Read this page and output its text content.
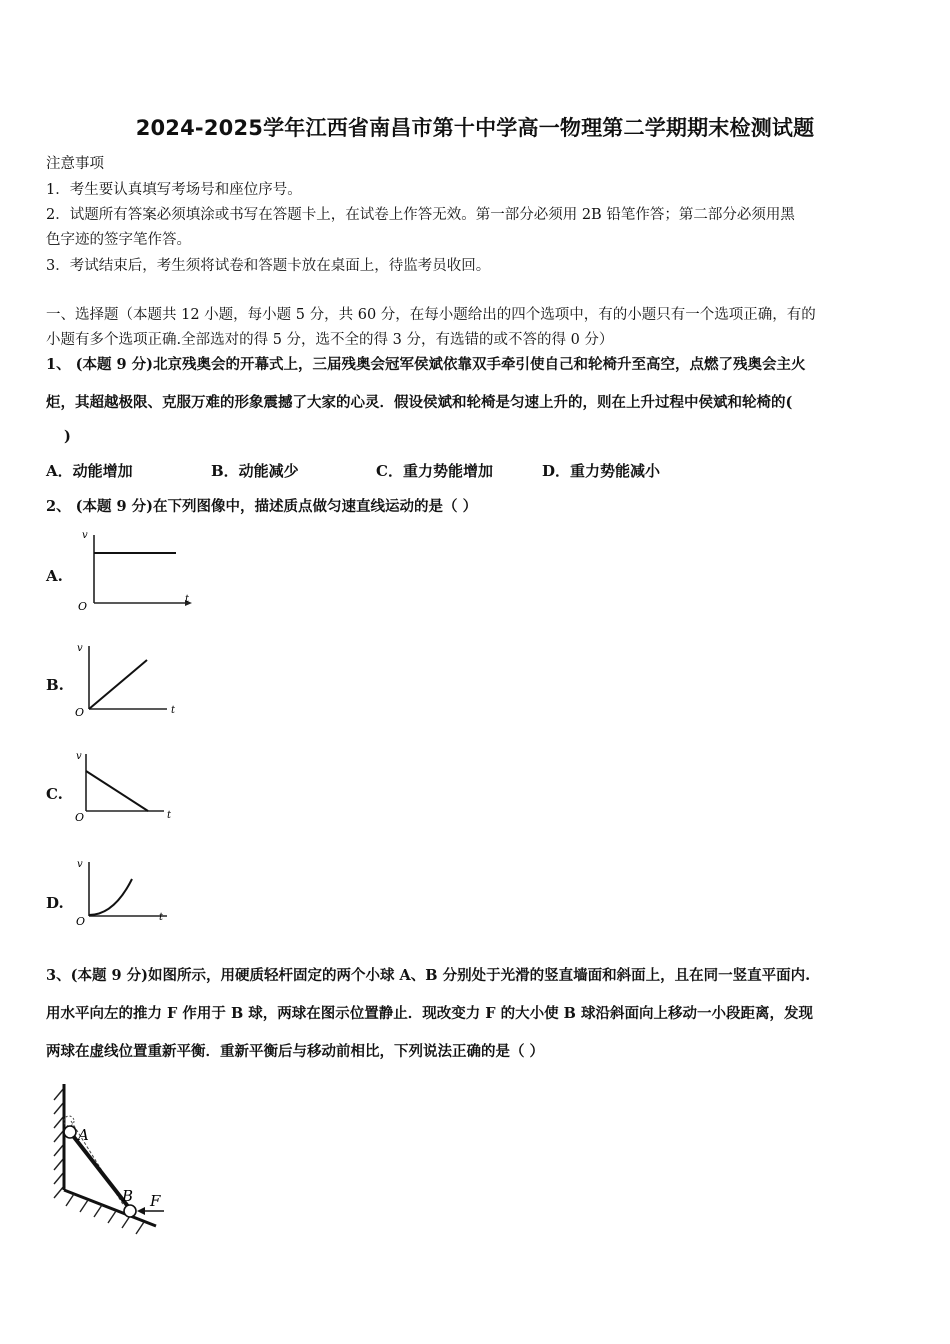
2024-2025学年江西省南昌市第十中学高一物理第二学期期末检测试题
注意事项
1．考生要认真填写考场号和座位序号。
2．试题所有答案必须填涂或书写在答题卡上，在试卷上作答无效。第一部分必须用 2B 铅笔作答；第二部分必须用黑
色字迹的签字笔作答。
3．考试结束后，考生须将试卷和答题卡放在桌面上，待监考员收回。
一、选择题（本题共 12 小题，每小题 5 分，共 60 分，在每小题给出的四个选项中，有的小题只有一个选项正确，有的
小题有多个选项正确.全部选对的得 5 分，选不全的得 3 分，有选错的或不答的得 0 分）
1、 (本题 9 分)北京残奥会的开幕式上，三届残奥会冠军侯斌依靠双手牵引使自己和轮椅升至高空，点燃了残奥会主火
炬，其超越极限、克服万难的形象震撼了大家的心灵．假设侯斌和轮椅是匀速上升的，则在上升过程中侯斌和轮椅的(
)
A．动能增加	B．动能减少	C．重力势能增加	D．重力势能减小
2、 (本题 9 分)在下列图像中，描述质点做匀速直线运动的是（ ）
A.
v
O
t
B.
v
O	t
C.
v
O	t
D.
v
O	t
3、(本题 9 分)如图所示，用硬质轻杆固定的两个小球 A、B 分别处于光滑的竖直墙面和斜面上，且在同一竖直平面内.
用水平向左的推力 F 作用于 B 球，两球在图示位置静止．现改变力 F 的大小使 B 球沿斜面向上移动一小段距离，发现
两球在虚线位置重新平衡．重新平衡后与移动前相比，下列说法正确的是（ ）
A
B F
